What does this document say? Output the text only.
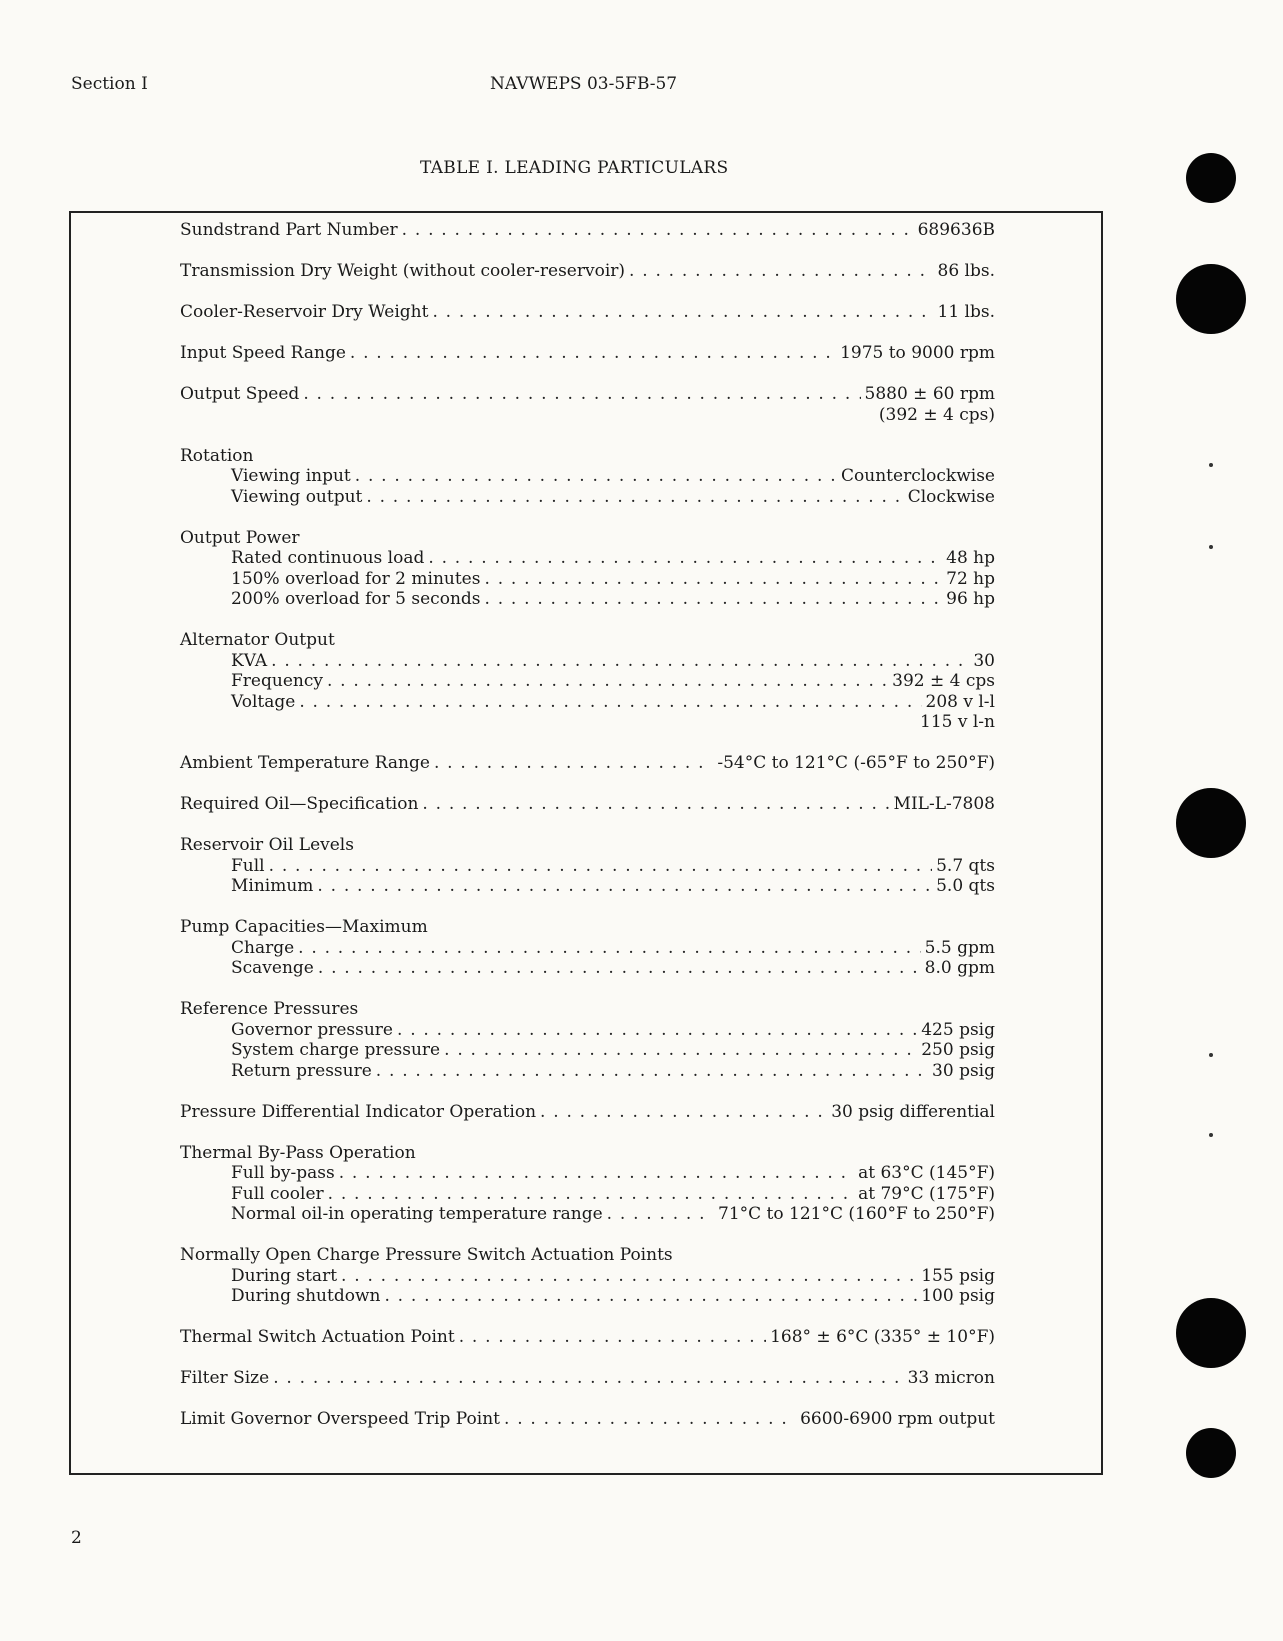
Section I	NAVWEPS 03-5FB-57
TABLE I. LEADING PARTICULARS
Sundstrand Part Number . . .	689636B
Transmission Dry Weight (without cooler-reservoir) . . .	86 lbs.
Cooler-Reservoir Dry Weight . . .	11 lbs.
Input Speed Range . . .	1975 to 9000 rpm
Output Speed . . .	5880 ± 60 rpm
(392 ± 4 cps)
Rotation
Viewing input . . .	Counterclockwise
Viewing output . . .	Clockwise
Output Power
Rated continuous load . . .	48 hp
150% overload for 2 minutes . . .	72 hp
200% overload for 5 seconds . . .	96 hp
Alternator Output
KVA . . .	30
Frequency . . .	392 ± 4 cps
Voltage . . .	208 v l-l
115 v l-n
Ambient Temperature Range . . .	-54°C to 121°C (-65°F to 250°F)
Required Oil—Specification . . .	MIL-L-7808
Reservoir Oil Levels
Full . . .	5.7 qts
Minimum . . .	5.0 qts
Pump Capacities—Maximum
Charge . . .	5.5 gpm
Scavenge . . .	8.0 gpm
Reference Pressures
Governor pressure . . .	425 psig
System charge pressure . . .	250 psig
Return pressure . . .	30 psig
Pressure Differential Indicator Operation . . .	30 psig differential
Thermal By-Pass Operation
Full by-pass . . .	at 63°C (145°F)
Full cooler . . .	at 79°C (175°F)
Normal oil-in operating temperature range . . .	71°C to 121°C (160°F to 250°F)
Normally Open Charge Pressure Switch Actuation Points
During start . . .	155 psig
During shutdown . . .	100 psig
Thermal Switch Actuation Point . . .	168° ± 6°C (335° ± 10°F)
Filter Size . . .	33 micron
Limit Governor Overspeed Trip Point . . .	6600-6900 rpm output
2
